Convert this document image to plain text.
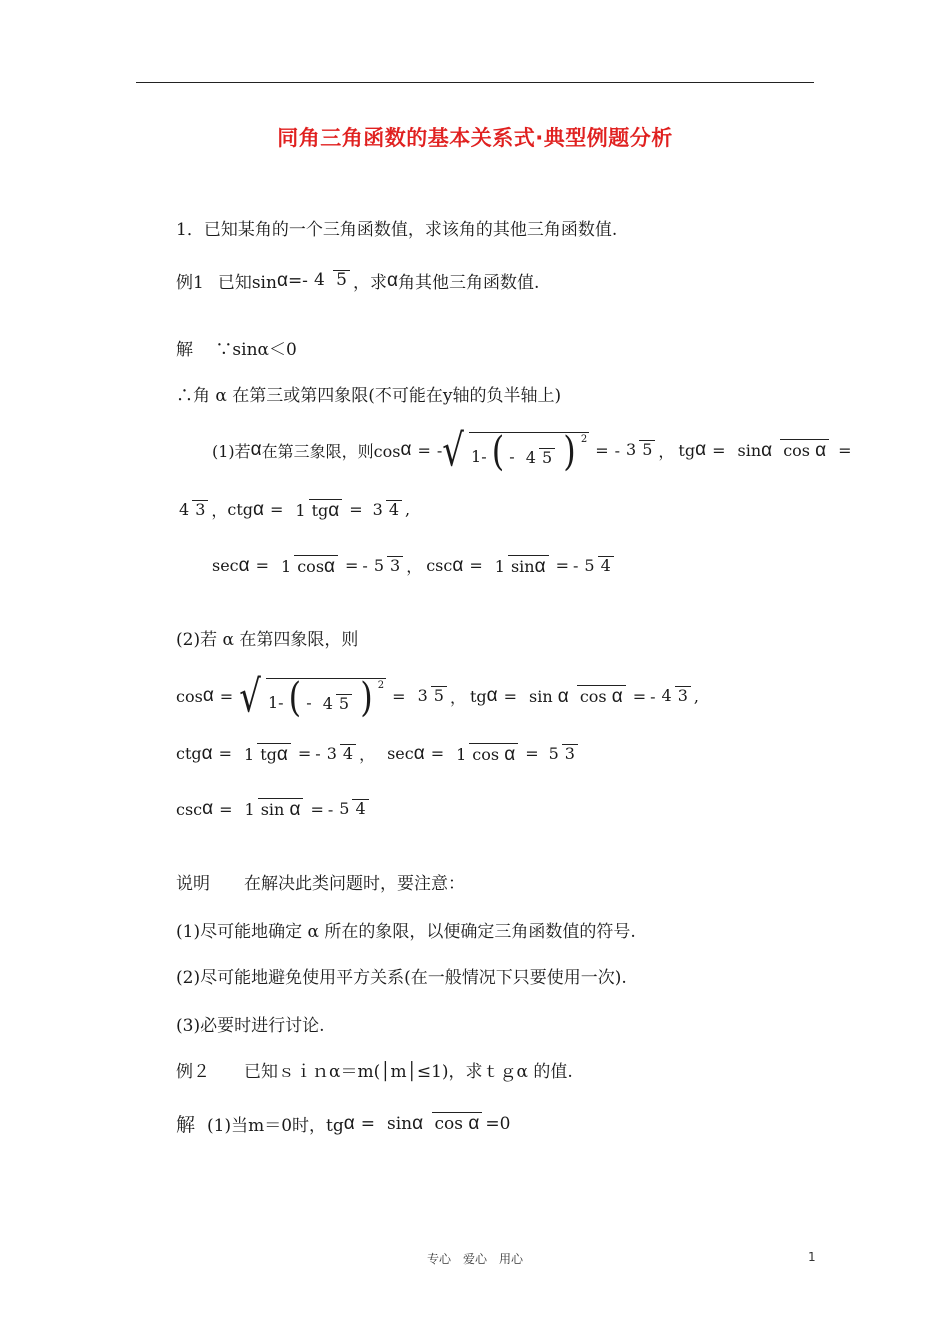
同角三角函数的基本关系式·典型例题分析
1．已知某角的一个三角函数值，求该角的其他三角函数值.
例1 已知sin α =- 4 5 ，求 α 角其他三角函数值.
解　 ∵sinα＜0
∴角 α 在第三或第四象限(不可能在y轴的负半轴上)
(1)若 α 在第三象限，则cos α = - √ 1- ( - 4 5 ) $^2$
= - 3 5 ， tg α = sinα cos α =
4 3 ， ctg α = 1 tgα = 3 4 ,
sec α = 1 cosα = - 5 3 ， csc α = 1 sinα = - 5 4
(2)若 α 在第四象限，则
cos α = √ 1- ( - 4 5 ) $^2$
= 3 5 ， tg α = sin α cos α = - 4 3 ,
ctg α = 1 tgα = - 3 4 ， sec α = 1 cos α = 5 3
csc α = 1 sin α = - 5 4
说明　　在解决此类问题时，要注意：
(1)尽可能地确定 α 所在的象限，以便确定三角函数值的符号.
(2)尽可能地避免使用平方关系(在一般情况下只要使用一次).
(3)必要时进行讨论.
例２　　已知ｓｉｎα＝m(│m│≤1)，求ｔｇα 的值.
解 (1)当m＝0时，tg α = sinα cos α =0
专心　爱心　用心	1
